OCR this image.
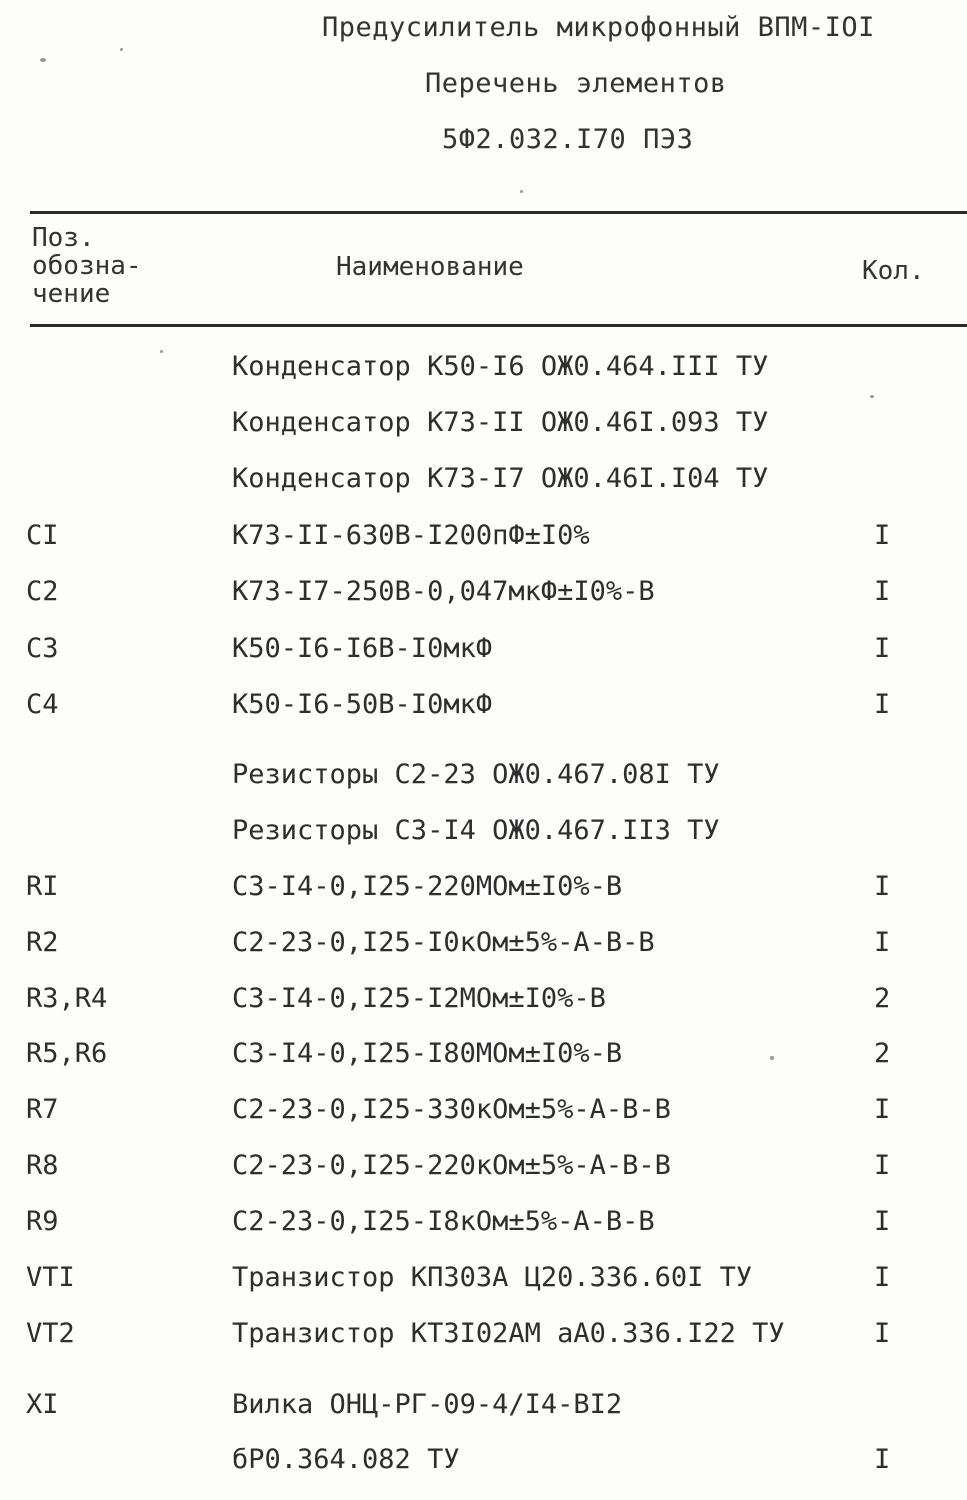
Предусилитель микрофонный ВПМ-IOI
Перечень элементов
5Ф2.032.I70 ПЭЗ
Поз.
обозна-
чение
Наименование	Кол.
Конденсатор К50-I6 ОЖ0.464.III ТУ
Конденсатор К73-II ОЖ0.46I.093 ТУ
Конденсатор К73-I7 ОЖ0.46I.I04 ТУ
CI	К73-II-630В-I200пФ±I0%	I
C2	К73-I7-250В-0,047мкФ±I0%-В	I
C3	К50-I6-I6В-I0мкФ	I
C4	К50-I6-50В-I0мкФ	I
Резисторы С2-23 ОЖ0.467.08I ТУ
Резисторы С3-I4 ОЖ0.467.II3 ТУ
RI	С3-I4-0,I25-220МОм±I0%-В	I
R2	С2-23-0,I25-I0кОм±5%-А-В-В	I
R3,R4	С3-I4-0,I25-I2МОм±I0%-В	2
R5,R6	С3-I4-0,I25-I80МОм±I0%-В	2
R7	С2-23-0,I25-330кОм±5%-А-В-В	I
R8	С2-23-0,I25-220кОм±5%-А-В-В	I
R9	С2-23-0,I25-I8кОм±5%-А-В-В	I
VTI	Транзистор КП303А Ц20.336.60I ТУ	I
VT2	Транзистор КТ3I02АМ аА0.336.I22 ТУ	I
XI	Вилка ОНЦ-РГ-09-4/I4-ВI2
бР0.364.082 ТУ	I
